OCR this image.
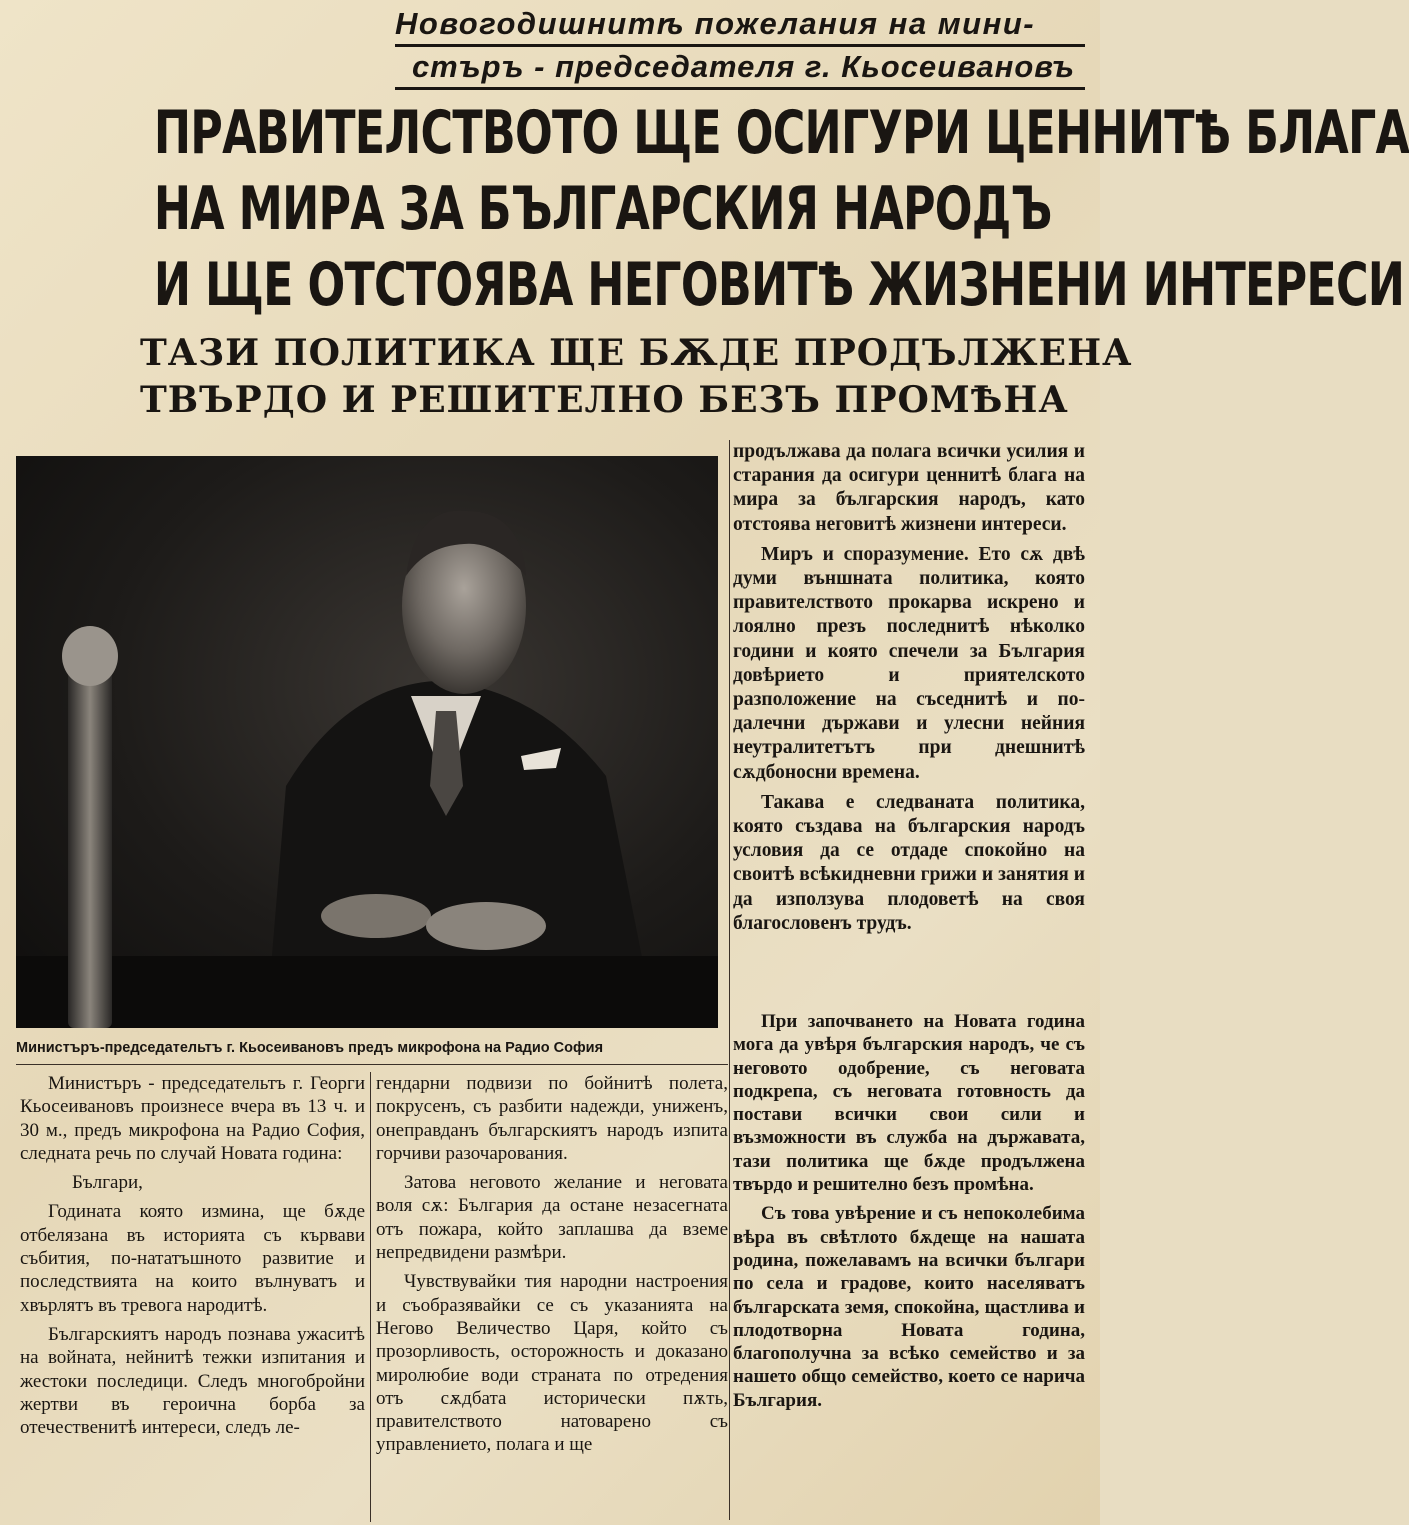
Новогодишнитѣ пожелания на мини-
стъръ - председателя г. Кьосеивановъ
ПРАВИТЕЛСТВОТО ЩЕ ОСИГУРИ ЦЕННИТѢ БЛАГА
НА МИРА ЗА БЪЛГАРСКИЯ НАРОДЪ
И ЩЕ ОТСТОЯВА НЕГОВИТѢ ЖИЗНЕНИ ИНТЕРЕСИ
ТАЗИ ПОЛИТИКА ЩЕ БѪДЕ ПРОДЪЛЖЕНА
ТВЪРДО И РЕШИТЕЛНО БЕЗЪ ПРОМѢНА
Министъръ-председательтъ г. Кьосеивановъ предъ микрофона на Радио София

продължава да полага всички усилия и старания да осигури ценнитѣ блага на мира за българския народъ, като отстоява неговитѣ жизнени интереси.

Миръ и споразумение. Ето сѫ двѣ думи външната политика, която правителството прокарва искрено и лоялно презъ последнитѣ нѣколко години и която спечели за България довѣрието и приятелското разположение на съседнитѣ и по-далечни държави и улесни нейния неутралитетътъ при днешнитѣ сѫдбоносни времена.

Такава е следваната политика, която създава на българския народъ условия да се отдаде спокойно на своитѣ всѣкидневни грижи и занятия и да използува плодоветѣ на своя благословенъ трудъ.

Министъръ - председательтъ г. Георги Кьосеивановъ произнесе вчера въ 13 ч. и 30 м., предъ микрофона на Радио София, следната речь по случай Новата година:

Българи,

Годината която измина, ще бѫде отбелязана въ историята съ кървави събития, по-нататъшното развитие и последствията на които вълнуватъ и хвърлятъ въ тревога народитѣ.

Българскиятъ народъ познава ужаситѣ на войната, нейнитѣ тежки изпитания и жестоки последици. Следъ многобройни жертви въ героична борба за отечественитѣ интереси, следъ ле-

гендарни подвизи по бойнитѣ полета, покрусенъ, съ разбити надежди, униженъ, онеправданъ българскиятъ народъ изпита горчиви разочарования.

Затова неговото желание и неговата воля сѫ: България да остане незасегната отъ пожара, който заплашва да вземе непредвидени размѣри.

Чувствувайки тия народни настроения и съобразявайки се съ указанията на Негово Величество Царя, който съ прозорливость, осторожность и доказано миролюбие води страната по отредения отъ сѫдбата исторически пѫть, правителството натоварено съ управлението, полага и ще

При започването на Новата година мога да увѣря българския народъ, че съ неговото одобрение, съ неговата подкрепа, съ неговата готовность да постави всички свои сили и възможности въ служба на държавата, тази политика ще бѫде продължена твърдо и решително безъ промѣна.

Съ това увѣрение и съ непоколебима вѣра въ свѣтлото бѫдеще на нашата родина, пожелавамъ на всички българи по села и градове, които населяватъ българската земя, спокойна, щастлива и плодотворна Новата година, благополучна за всѣко семейство и за нашето общо семейство, което се нарича България.
